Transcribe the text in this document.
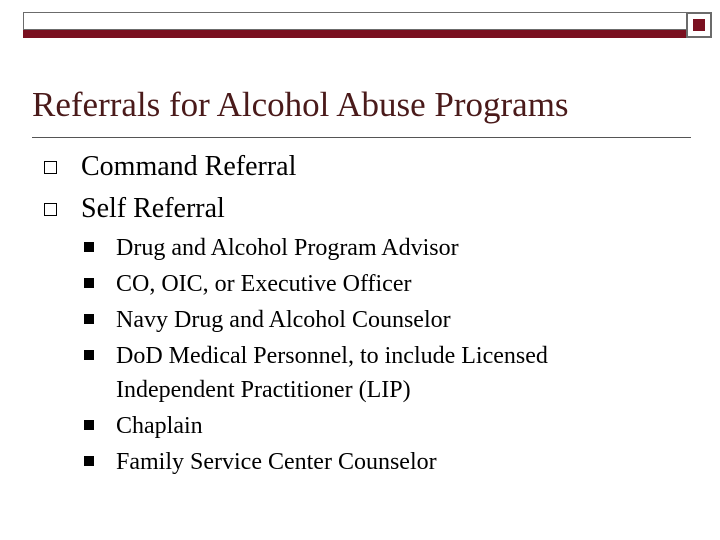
Referrals for Alcohol Abuse Programs
Command Referral
Self Referral
Drug and Alcohol Program Advisor
CO, OIC, or Executive Officer
Navy Drug and Alcohol Counselor
DoD Medical Personnel, to include Licensed
Independent Practitioner (LIP)
Chaplain
Family Service Center Counselor
